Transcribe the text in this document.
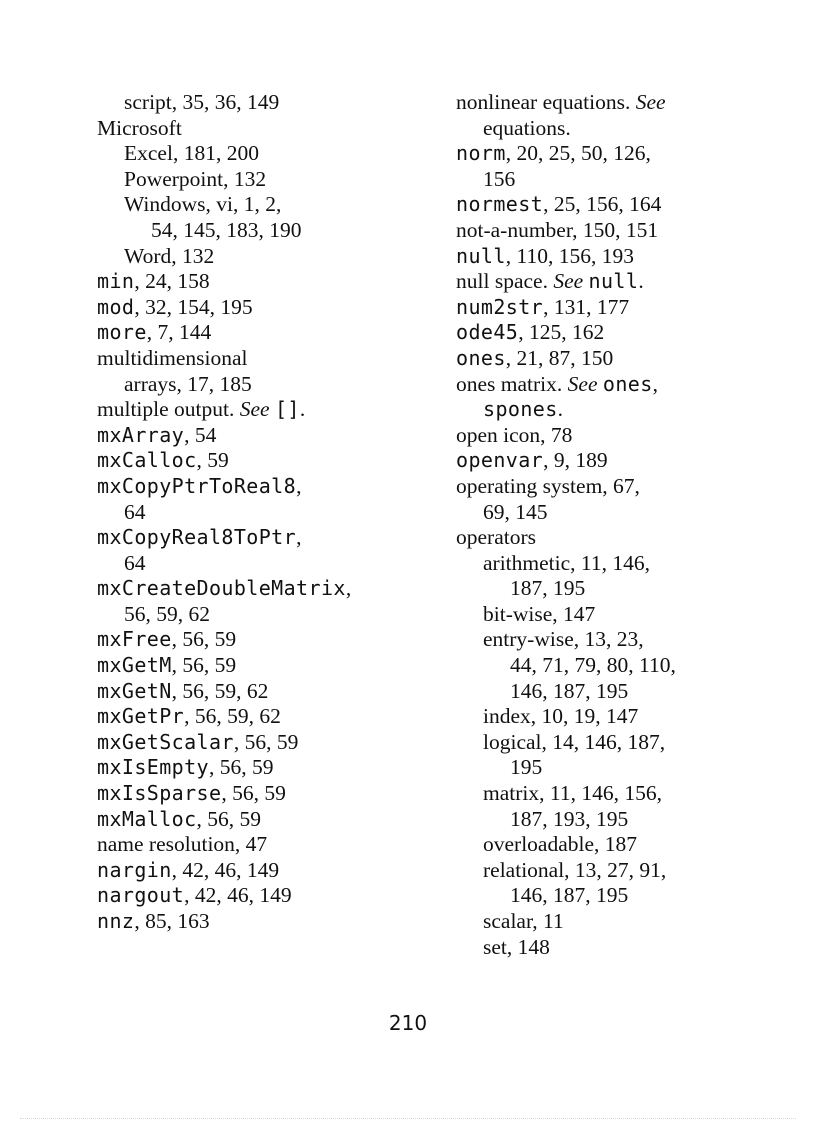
script, 35, 36, 149
Microsoft
Excel, 181, 200
Powerpoint, 132
Windows, vi, 1, 2,
54, 145, 183, 190
Word, 132
min, 24, 158
mod, 32, 154, 195
more, 7, 144
multidimensional
arrays, 17, 185
multiple output. See [].
mxArray, 54
mxCalloc, 59
mxCopyPtrToReal8,
64
mxCopyReal8ToPtr,
64
mxCreateDoubleMatrix,
56, 59, 62
mxFree, 56, 59
mxGetM, 56, 59
mxGetN, 56, 59, 62
mxGetPr, 56, 59, 62
mxGetScalar, 56, 59
mxIsEmpty, 56, 59
mxIsSparse, 56, 59
mxMalloc, 56, 59
name resolution, 47
nargin, 42, 46, 149
nargout, 42, 46, 149
nnz, 85, 163
nonlinear equations. See
equations.
norm, 20, 25, 50, 126,
156
normest, 25, 156, 164
not-a-number, 150, 151
null, 110, 156, 193
null space. See null.
num2str, 131, 177
ode45, 125, 162
ones, 21, 87, 150
ones matrix. See ones,
spones.
open icon, 78
openvar, 9, 189
operating system, 67,
69, 145
operators
arithmetic, 11, 146,
187, 195
bit-wise, 147
entry-wise, 13, 23,
44, 71, 79, 80, 110,
146, 187, 195
index, 10, 19, 147
logical, 14, 146, 187,
195
matrix, 11, 146, 156,
187, 193, 195
overloadable, 187
relational, 13, 27, 91,
146, 187, 195
scalar, 11
set, 148
210
